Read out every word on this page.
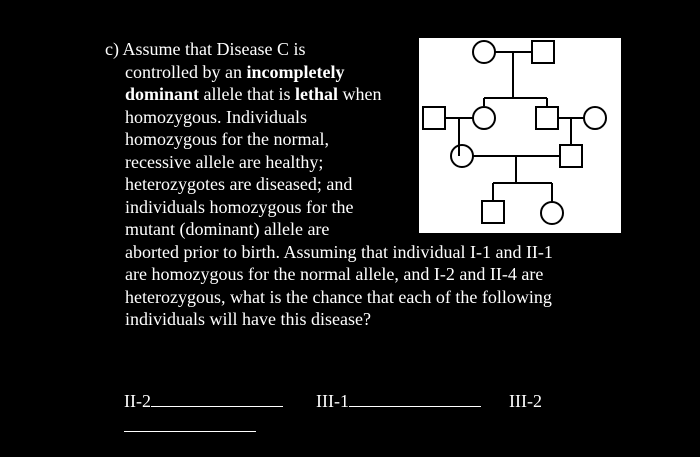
c) Assume that Disease C is
controlled by an incompletely
dominant allele that is lethal when
homozygous. Individuals
homozygous for the normal,
recessive allele are healthy;
heterozygotes are diseased; and
individuals homozygous for the
mutant (dominant) allele are
aborted prior to birth. Assuming that individual I-1 and II-1
are homozygous for the normal allele, and I-2 and II-4 are
heterozygous, what is the chance that each of the following
individuals will have this disease?
II-2	III-1	III-2
